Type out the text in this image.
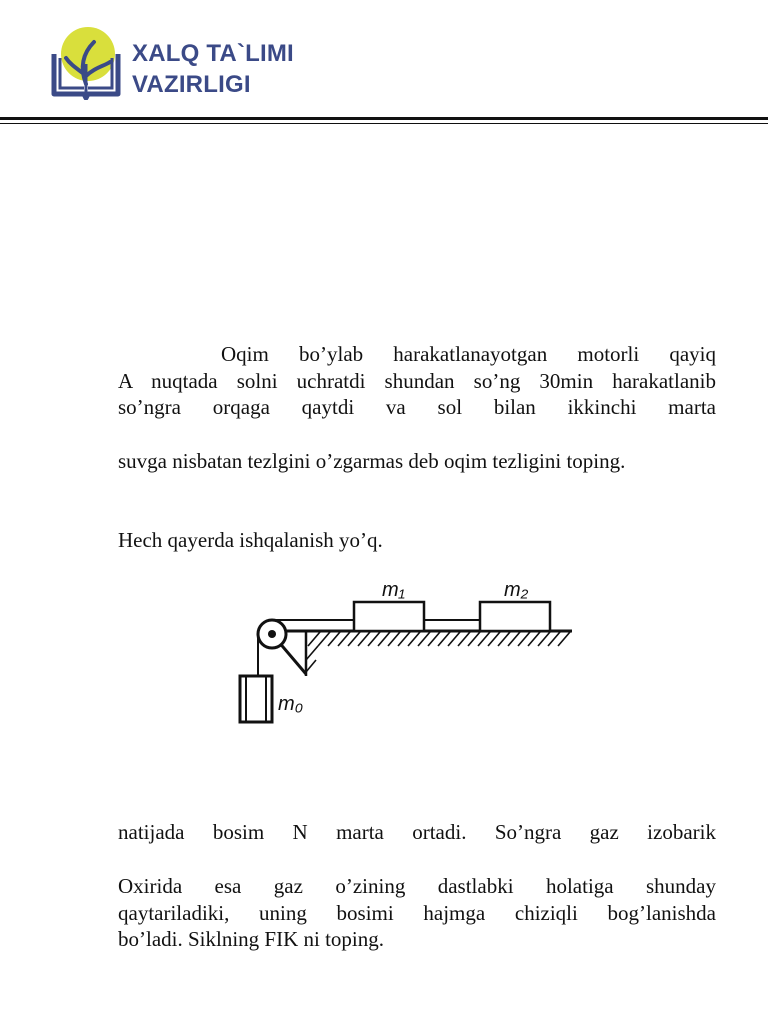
XALQ TA`LIMI
VAZIRLIGI
Oqim bo’ylab harakatlanayotgan motorli qayiq
A nuqtada solni uchratdi shundan so’ng 30min harakatlanib
so’ngra orqaga qaytdi va sol bilan ikkinchi marta
suvga nisbatan tezlgini o’zgarmas deb oqim tezligini toping.
Hech qayerda ishqalanish yo’q.
m₁	m₂
m₀
natijada bosim N marta ortadi. So’ngra gaz izobarik
Oxirida esa gaz o’zining dastlabki holatiga shunday
qaytariladiki, uning bosimi hajmga chiziqli bog’lanishda
bo’ladi. Siklning FIK ni toping.
